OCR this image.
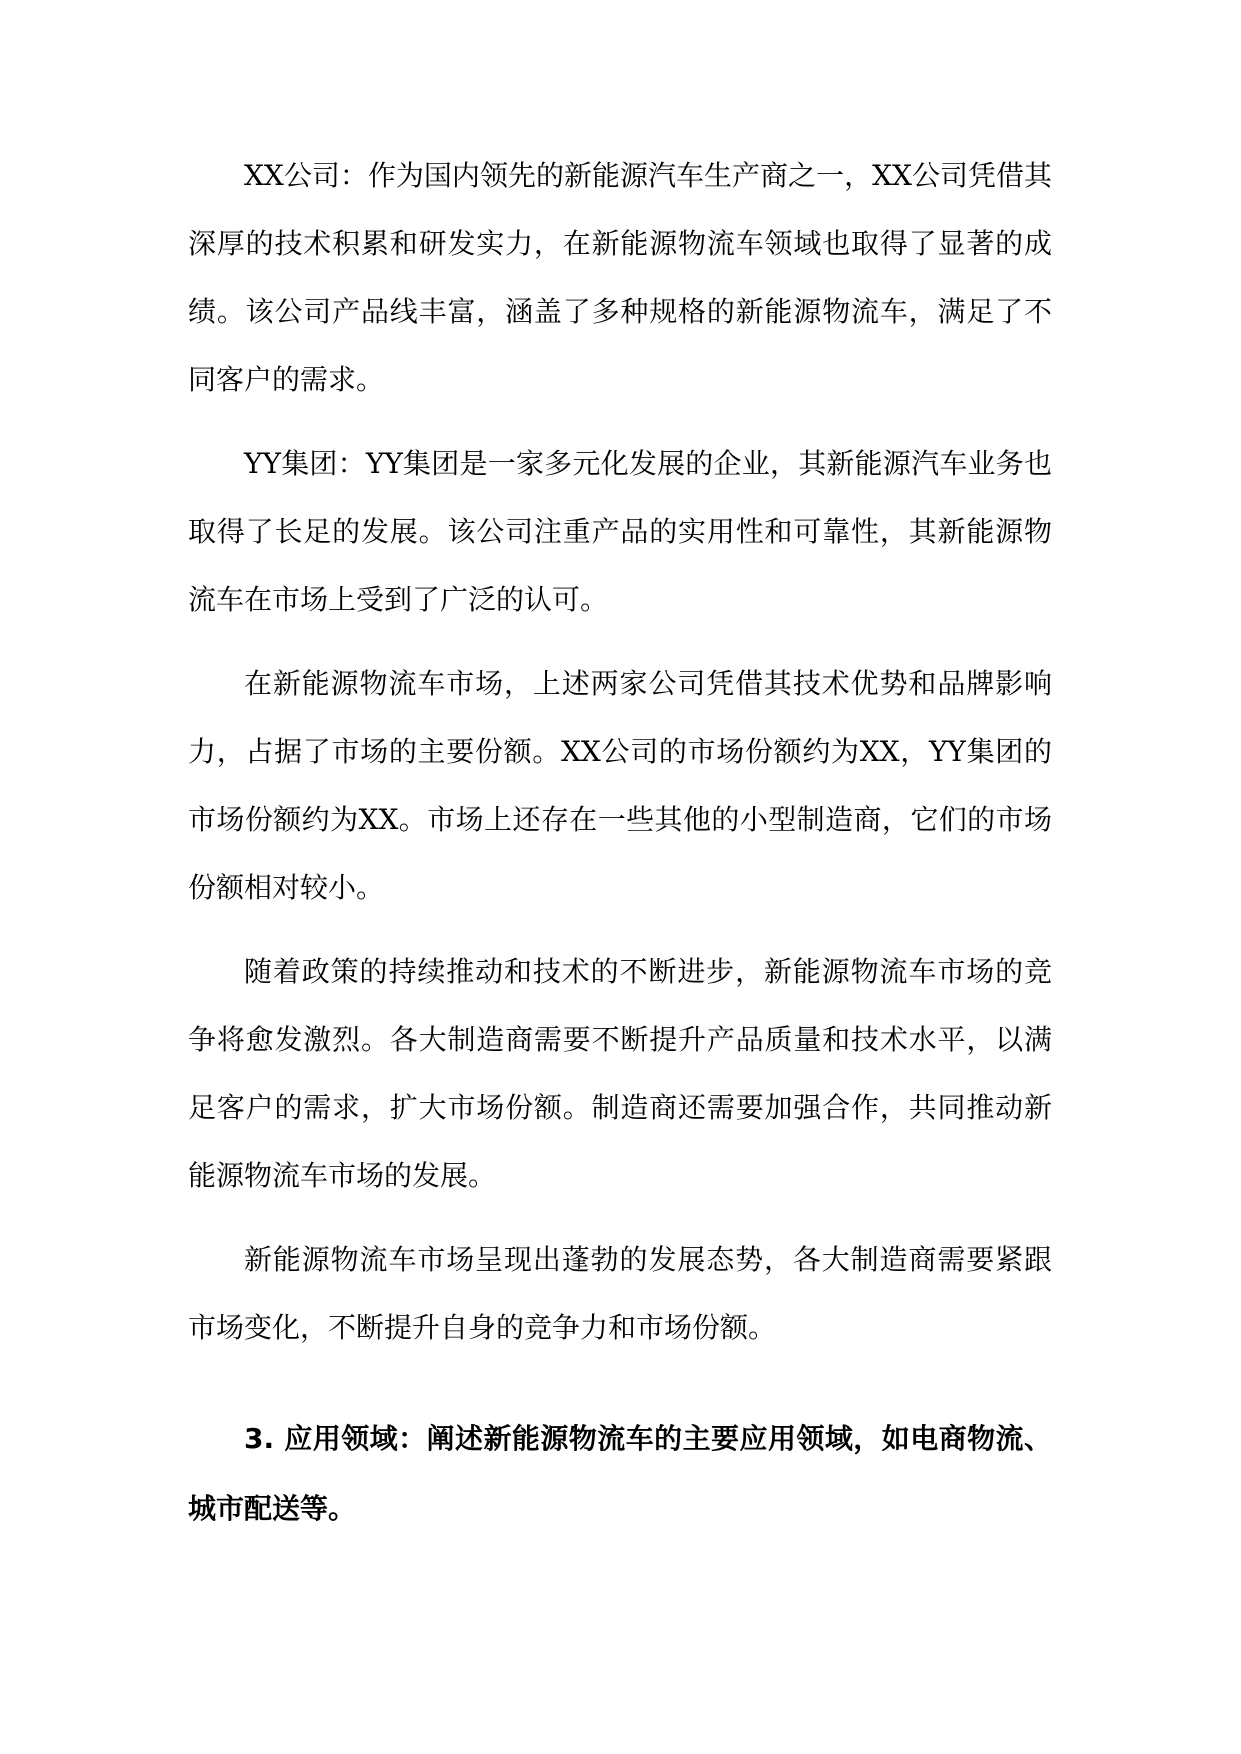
XX公司：作为国内领先的新能源汽车生产商之一，XX公司凭借其深厚的技术积累和研发实力，在新能源物流车领域也取得了显著的成绩。该公司产品线丰富，涵盖了多种规格的新能源物流车，满足了不同客户的需求。

YY集团：YY集团是一家多元化发展的企业，其新能源汽车业务也取得了长足的发展。该公司注重产品的实用性和可靠性，其新能源物流车在市场上受到了广泛的认可。

在新能源物流车市场，上述两家公司凭借其技术优势和品牌影响力，占据了市场的主要份额。XX公司的市场份额约为XX，YY集团的市场份额约为XX。市场上还存在一些其他的小型制造商，它们的市场份额相对较小。

随着政策的持续推动和技术的不断进步，新能源物流车市场的竞争将愈发激烈。各大制造商需要不断提升产品质量和技术水平，以满足客户的需求，扩大市场份额。制造商还需要加强合作，共同推动新能源物流车市场的发展。

新能源物流车市场呈现出蓬勃的发展态势，各大制造商需要紧跟市场变化，不断提升自身的竞争力和市场份额。

3. 应用领域：阐述新能源物流车的主要应用领域，如电商物流、城市配送等。
